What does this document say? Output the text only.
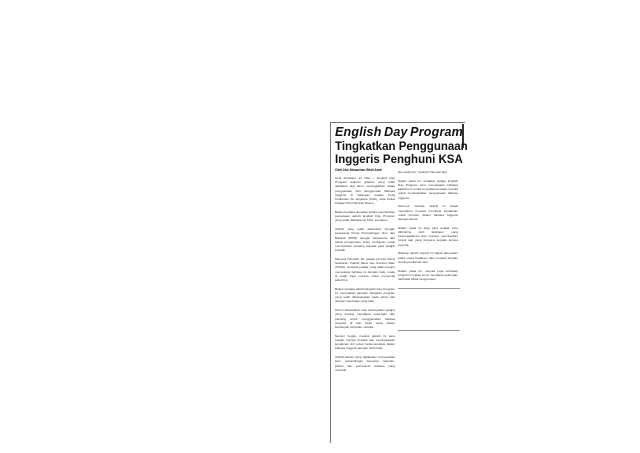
English Day Program
Tingkatkan Penggunaan
Inggeris Penghuni KSA
Oleh Nur Musarhan Binti Amir

Kota Kinabalu, 21 Mac. – English Day Program anjuran jabatan yang telah diadakan lagi demi meningkatkan tahap penguasaan dan penggunaan Bahasa Inggeris di kalangan pelajar Kolej Kediaman Sri Angkasa (KSA), kata Ketua Pelajar KSA Hamzah Rosmi.

Beliau berkata demikian ketika memberikan penjelasan aktiviti English Day Program yang telah diadakan di KSA, semalam.

Aktiviti yang telah dijalankan dengan kerjasama Pusat Pertandingan Ilmu dan Bahasa (PPIB) dengan kerjasama dari pihak pengurusan kolej, bertujuan untuk memberikan peluang kepada para pelajar berlatih.

Menurut Hamzah, 20, pelajar jurusan Sains Sekitaran, Fakulti Sains dan Sumber Alam (FSSA), terdapat pelajar yang tidak mampu menguasai bahasa ini dengan baik, maka ia wajib bagi mereka untuk menyertai aktiviti ini.

Beliau berkata aktiviti English Day Program ini merupakan lanjutan daripada program yang telah dilaksanakan pada tahun lalu dengan sambutan yang baik.

Hal ini disebabkan oleh kebanyakan pelajar yang kurang mendapat sokongan dan peluang untuk menggunakan bahasa tersebut di luar kelas serta dalam kehidupan seharian mereka.

Namun begitu, melalui aktiviti ini para pelajar mampu berlatih dan meningkatkan keyakinan diri untuk berkomunikasi dalam bahasa Inggeris dengan lebih baik.

Aktiviti-aktiviti yang dijalankan termasuklah kuiz, pertandingan bercerita, lakonan, pidato dan permainan bahasa yang menarik.

lain pada diri,” tambah Hamzah lagi.

Dalam pada itu, terdapat pelajar English Day Program turut menyatakan bahawa aktiviti ini memberi manfaat kepada mereka untuk meningkatkan penguasaan bahasa Inggeris.

Menurut mereka, aktiviti ini dapat membantu mereka membina keyakinan untuk bertutur dalam bahasa Inggeris dengan lancar.

Dalam pada itu juga para pelajar turut dibimbing oleh fasilitator yang berpengalaman dan mampu memberikan tunjuk ajar yang berguna kepada semua peserta.

Diharap aktiviti seperti ini dapat diteruskan pada masa hadapan dan menjadi amalan di kolej kediaman lain.

Dalam pada itu, mereka juga berharap program ini akan terus mendapat sokongan daripada pihak pengurusan.
